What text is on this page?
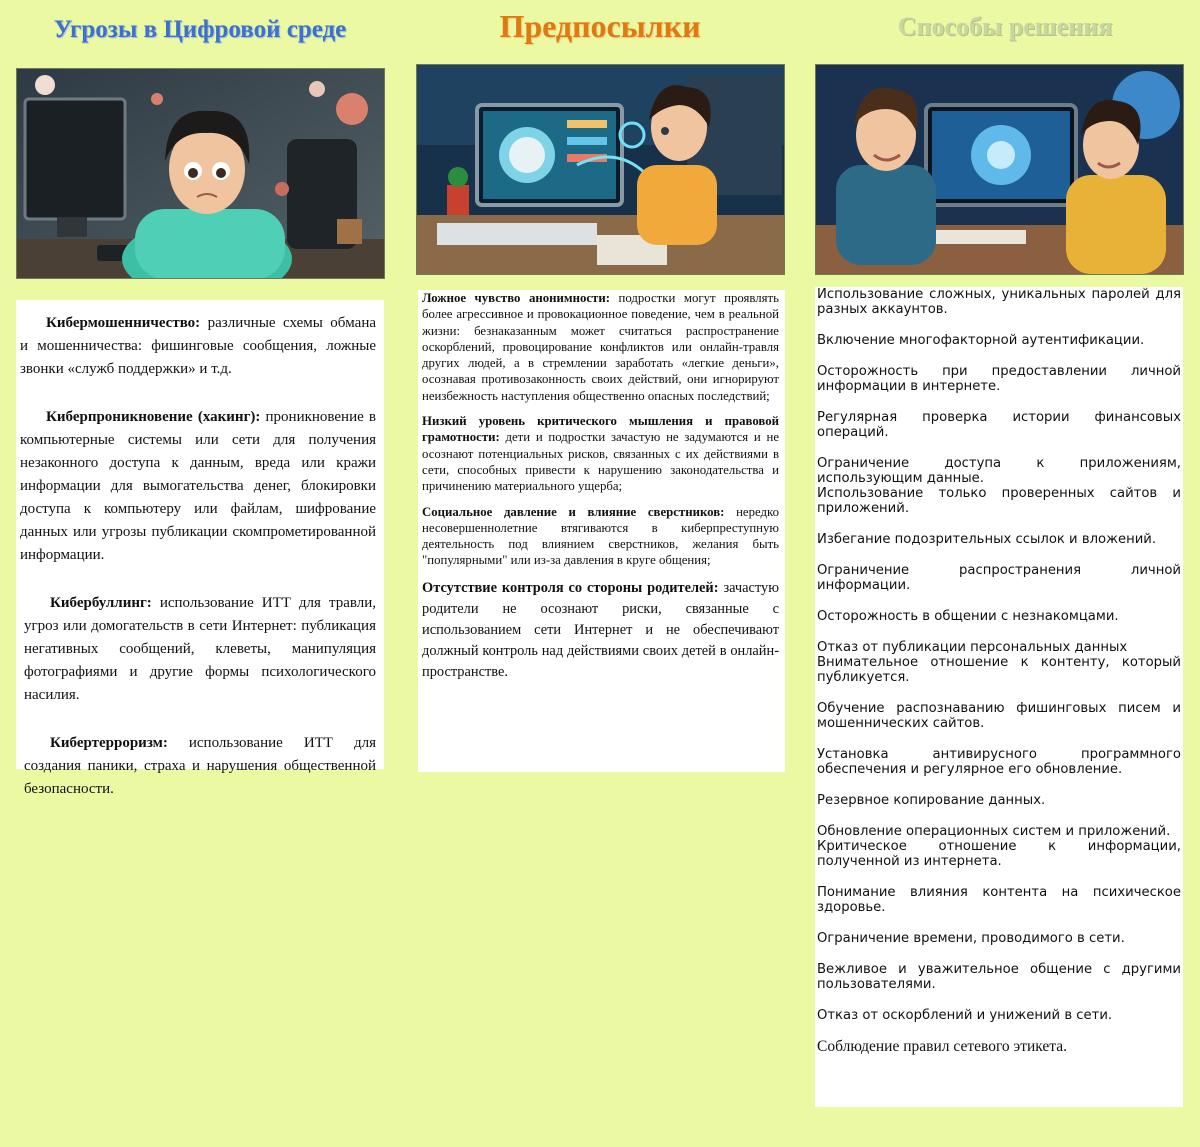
Угрозы в Цифровой среде	Предпосылки	Способы решения

Кибермошенничество: различные схемы обмана и мошенничества: фишинговые сообщения, ложные звонки «служб поддержки» и т.д.

Киберпроникновение (хакинг): проникновение в компьютерные системы или сети для получения незаконного доступа к данным, вреда или кражи информации для вымогательства денег, блокировки доступа к компьютеру или файлам, шифрование данных или угрозы публикации скомпрометированной информации.

Кибербуллинг: использование ИТТ для травли, угроз или домогательств в сети Интернет: публикация негативных сообщений, клеветы, манипуляция фотографиями и другие формы психологического насилия.

Кибертерроризм: использование ИТТ для создания паники, страха и нарушения общественной безопасности.

Ложное чувство анонимности: подростки могут проявлять более агрессивное и провокационное поведение, чем в реальной жизни: безнаказанным может считаться распространение оскорблений, провоцирование конфликтов или онлайн-травля других людей, а в стремлении заработать «легкие деньги», осознавая противозаконность своих действий, они игнорируют неизбежность наступления общественно опасных последствий;

Низкий уровень критического мышления и правовой грамотности: дети и подростки зачастую не задумаются и не осознают потенциальных рисков, связанных с их действиями в сети, способных привести к нарушению законодательства и причинению материального ущерба;

Социальное давление и влияние сверстников: нередко несовершеннолетние втягиваются в киберпреступную деятельность под влиянием сверстников, желания быть "популярными" или из-за давления в круге общения;

Отсутствие контроля со стороны родителей: зачастую родители не осознают риски, связанные с использованием сети Интернет и не обеспечивают должный контроль над действиями своих детей в онлайн-пространстве.

Использование сложных, уникальных паролей для разных аккаунтов.

Включение многофакторной аутентификации.

Осторожность при предоставлении личной информации в интернете.

Регулярная проверка истории финансовых операций.

Ограничение доступа к приложениям, использующим данные.

Использование только проверенных сайтов и приложений.

Избегание подозрительных ссылок и вложений.

Ограничение распространения личной информации.

Осторожность в общении с незнакомцами.

Отказ от публикации персональных данных

Внимательное отношение к контенту, который публикуется.

Обучение распознаванию фишинговых писем и мошеннических сайтов.

Установка антивирусного программного обеспечения и регулярное его обновление.

Резервное копирование данных.

Обновление операционных систем и приложений.

Критическое отношение к информации, полученной из интернета.

Понимание влияния контента на психическое здоровье.

Ограничение времени, проводимого в сети.

Вежливое и уважительное общение с другими пользователями.

Отказ от оскорблений и унижений в сети.

Соблюдение правил сетевого этикета.
